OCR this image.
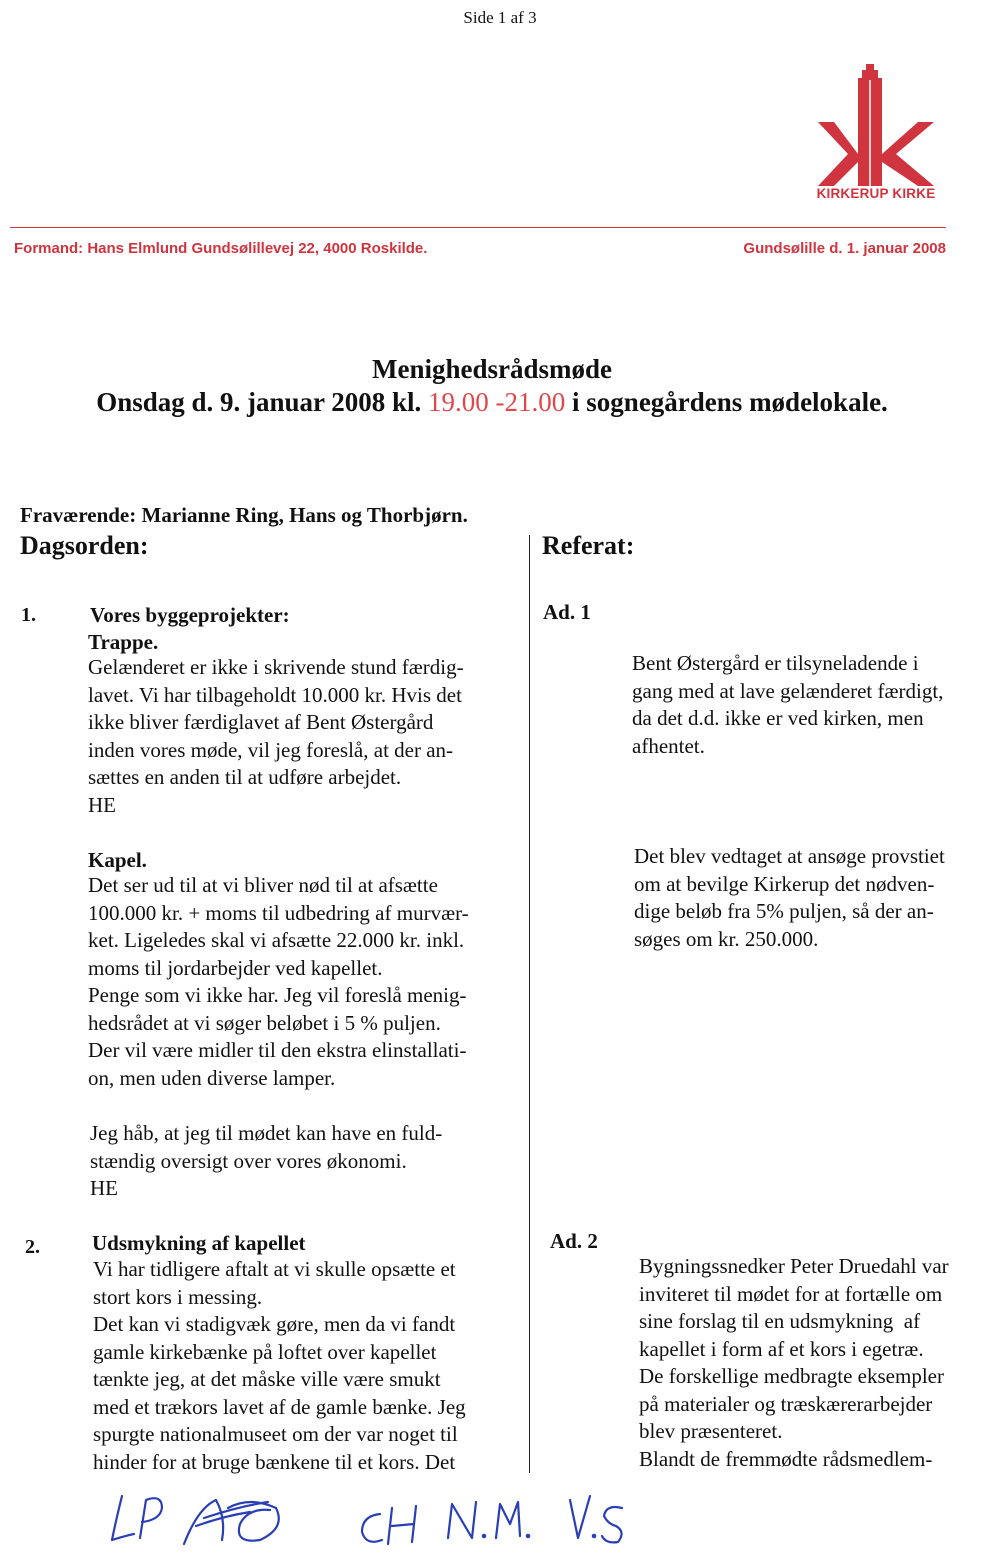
Side 1 af 3
KIRKERUP KIRKE
Formand: Hans Elmlund Gundsølillevej 22, 4000 Roskilde.	Gundsølille d. 1. januar 2008
Menighedsrådsmøde
Onsdag d. 9. januar 2008 kl. 19.00 -21.00 i sognegårdens mødelokale.
Fraværende: Marianne Ring, Hans og Thorbjørn.
Dagsorden:	Referat:
1.	Vores byggeprojekter:
Trappe.
Gelænderet er ikke i skrivende stund færdig-
lavet. Vi har tilbageholdt 10.000 kr. Hvis det
ikke bliver færdiglavet af Bent Østergård
inden vores møde, vil jeg foreslå, at der an-
sættes en anden til at udføre arbejdet.
HE
Kapel.
Det ser ud til at vi bliver nød til at afsætte
100.000 kr. + moms til udbedring af murvær-
ket. Ligeledes skal vi afsætte 22.000 kr. inkl.
moms til jordarbejder ved kapellet.
Penge som vi ikke har. Jeg vil foreslå menig-
hedsrådet at vi søger beløbet i 5 % puljen.
Der vil være midler til den ekstra elinstallati-
on, men uden diverse lamper.
Jeg håb, at jeg til mødet kan have en fuld-
stændig oversigt over vores økonomi.
HE
2. Udsmykning af kapellet
Vi har tidligere aftalt at vi skulle opsætte et
stort kors i messing.
Det kan vi stadigvæk gøre, men da vi fandt
gamle kirkebænke på loftet over kapellet
tænkte jeg, at det måske ville være smukt
med et trækors lavet af de gamle bænke. Jeg
spurgte nationalmuseet om der var noget til
hinder for at bruge bænkene til et kors. Det
Ad. 1
Bent Østergård er tilsyneladende i
gang med at lave gelænderet færdigt,
da det d.d. ikke er ved kirken, men
afhentet.
Det blev vedtaget at ansøge provstiet
om at bevilge Kirkerup det nødven-
dige beløb fra 5% puljen, så der an-
søges om kr. 250.000.
Ad. 2
Bygningssnedker Peter Druedahl var
inviteret til mødet for at fortælle om
sine forslag til en udsmykning  af
kapellet i form af et kors i egetræ.
De forskellige medbragte eksempler
på materialer og træskærerarbejder
blev præsenteret.
Blandt de fremmødte rådsmedlem-
